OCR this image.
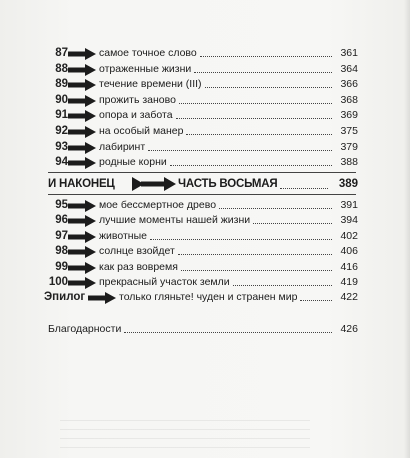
87	самое точное слово	361
88	отраженные жизни	364
89	течение времени (III)	366
90	прожить заново	368
91	опора и забота	369
92	на особый манер	375
93	лабиринт	379
94	родные корни	388
И НАКОНЕЦ	ЧАСТЬ ВОСЬМАЯ	389
95	мое бессмертное древо	391
96	лучшие моменты нашей жизни	394
97	животные	402
98	солнце взойдет	406
99	как раз вовремя	416
100	прекрасный участок земли	419
Эпилог	только гляньте! чуден и странен мир	422
Благодарности	426
